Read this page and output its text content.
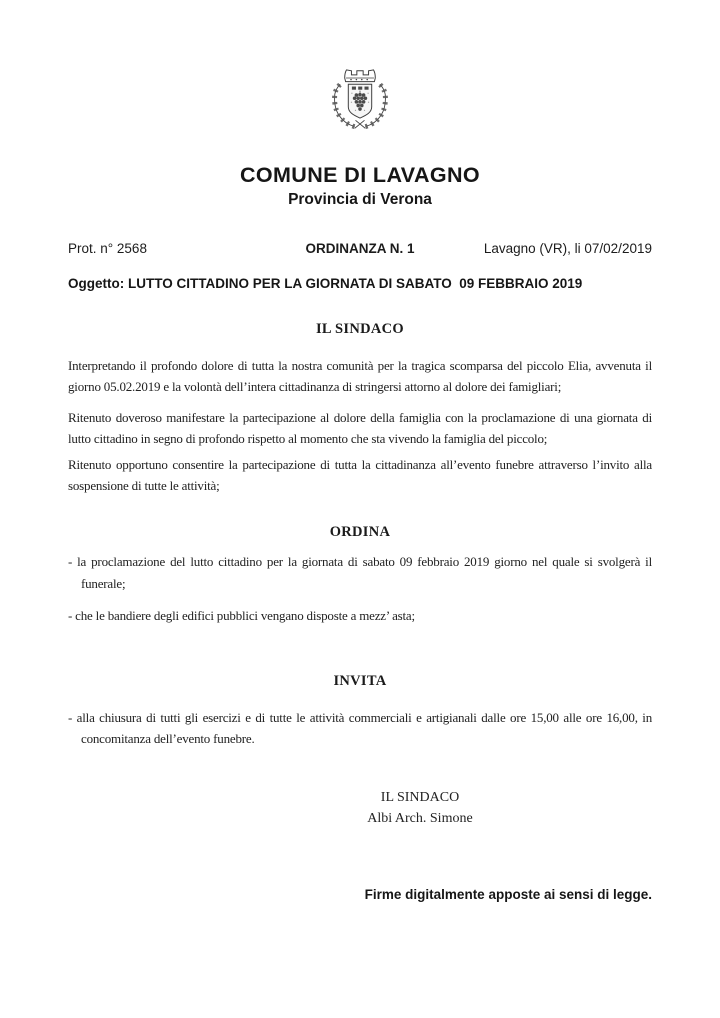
COMUNE DI LAVAGNO
Provincia di Verona
Prot. n° 2568	ORDINANZA N. 1	Lavagno (VR), li 07/02/2019
Oggetto: LUTTO CITTADINO PER LA GIORNATA DI SABATO  09 FEBBRAIO 2019
IL SINDACO
Interpretando il profondo dolore di tutta la nostra comunità per la tragica scomparsa del piccolo Elia, avvenuta il giorno 05.02.2019 e la volontà dell’intera cittadinanza di stringersi attorno al dolore dei famigliari;
Ritenuto doveroso manifestare la partecipazione al dolore della famiglia con la proclamazione di una giornata di lutto cittadino in segno di profondo rispetto al momento che sta vivendo la famiglia del piccolo;
Ritenuto opportuno consentire la partecipazione di tutta la cittadinanza all’evento funebre attraverso l’invito alla sospensione di tutte le attività;
ORDINA
- la proclamazione del lutto cittadino per la giornata di sabato 09 febbraio 2019 giorno nel quale si svolgerà il funerale;
- che le bandiere degli edifici pubblici vengano disposte a mezz’ asta;
INVITA
- alla chiusura di tutti gli esercizi e di tutte le attività commerciali e artigianali dalle ore 15,00 alle ore 16,00, in concomitanza dell’evento funebre.
IL SINDACO
Albi Arch. Simone
Firme digitalmente apposte ai sensi di legge.
